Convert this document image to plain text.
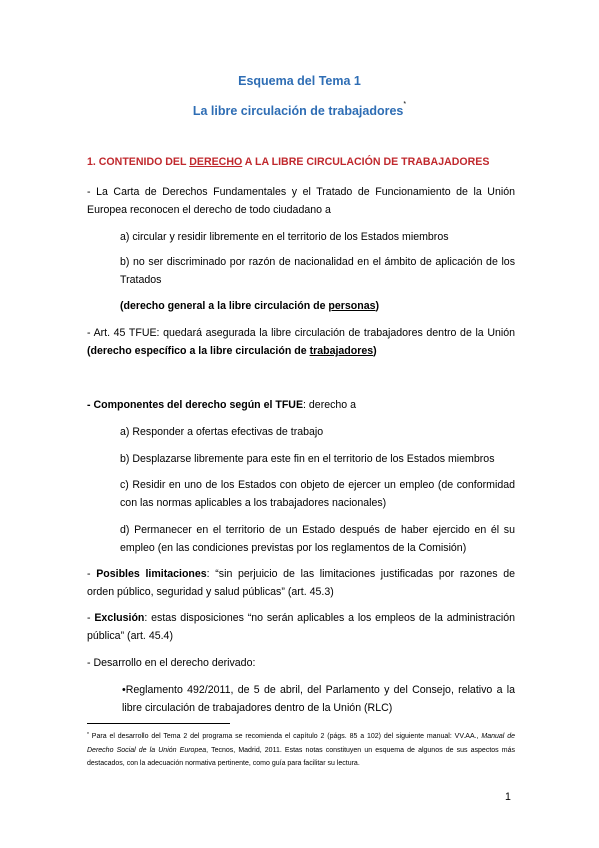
Esquema del Tema 1
La libre circulación de trabajadores*
1. CONTENIDO DEL DERECHO A LA LIBRE CIRCULACIÓN DE TRABAJADORES
- La Carta de Derechos Fundamentales y el Tratado de Funcionamiento de la Unión Europea reconocen el derecho de todo ciudadano a
a) circular y residir libremente en el territorio de los Estados miembros
b) no ser discriminado por razón de nacionalidad en el ámbito de aplicación de los Tratados
(derecho general a la libre circulación de personas)
- Art. 45 TFUE: quedará asegurada la libre circulación de trabajadores dentro de la Unión (derecho específico a la libre circulación de trabajadores)
- Componentes del derecho según el TFUE: derecho a
a) Responder a ofertas efectivas de trabajo
b) Desplazarse libremente para este fin en el territorio de los Estados miembros
c) Residir en uno de los Estados con objeto de ejercer un empleo (de conformidad con las normas aplicables a los trabajadores nacionales)
d) Permanecer en el territorio de un Estado después de haber ejercido en él su empleo (en las condiciones previstas por los reglamentos de la Comisión)
- Posibles limitaciones: “sin perjuicio de las limitaciones justificadas por razones de orden público, seguridad y salud públicas” (art. 45.3)
- Exclusión: estas disposiciones “no serán aplicables a los empleos de la administración pública” (art. 45.4)
- Desarrollo en el derecho derivado:
•Reglamento 492/2011, de 5 de abril, del Parlamento y del Consejo, relativo a la libre circulación de trabajadores dentro de la Unión (RLC)
* Para el desarrollo del Tema 2 del programa se recomienda el capítulo 2 (págs. 85 a 102) del siguiente manual: VV.AA., Manual de Derecho Social de la Unión Europea, Tecnos, Madrid, 2011. Estas notas constituyen un esquema de algunos de sus aspectos más destacados, con la adecuación normativa pertinente, como guía para facilitar su lectura.
1
